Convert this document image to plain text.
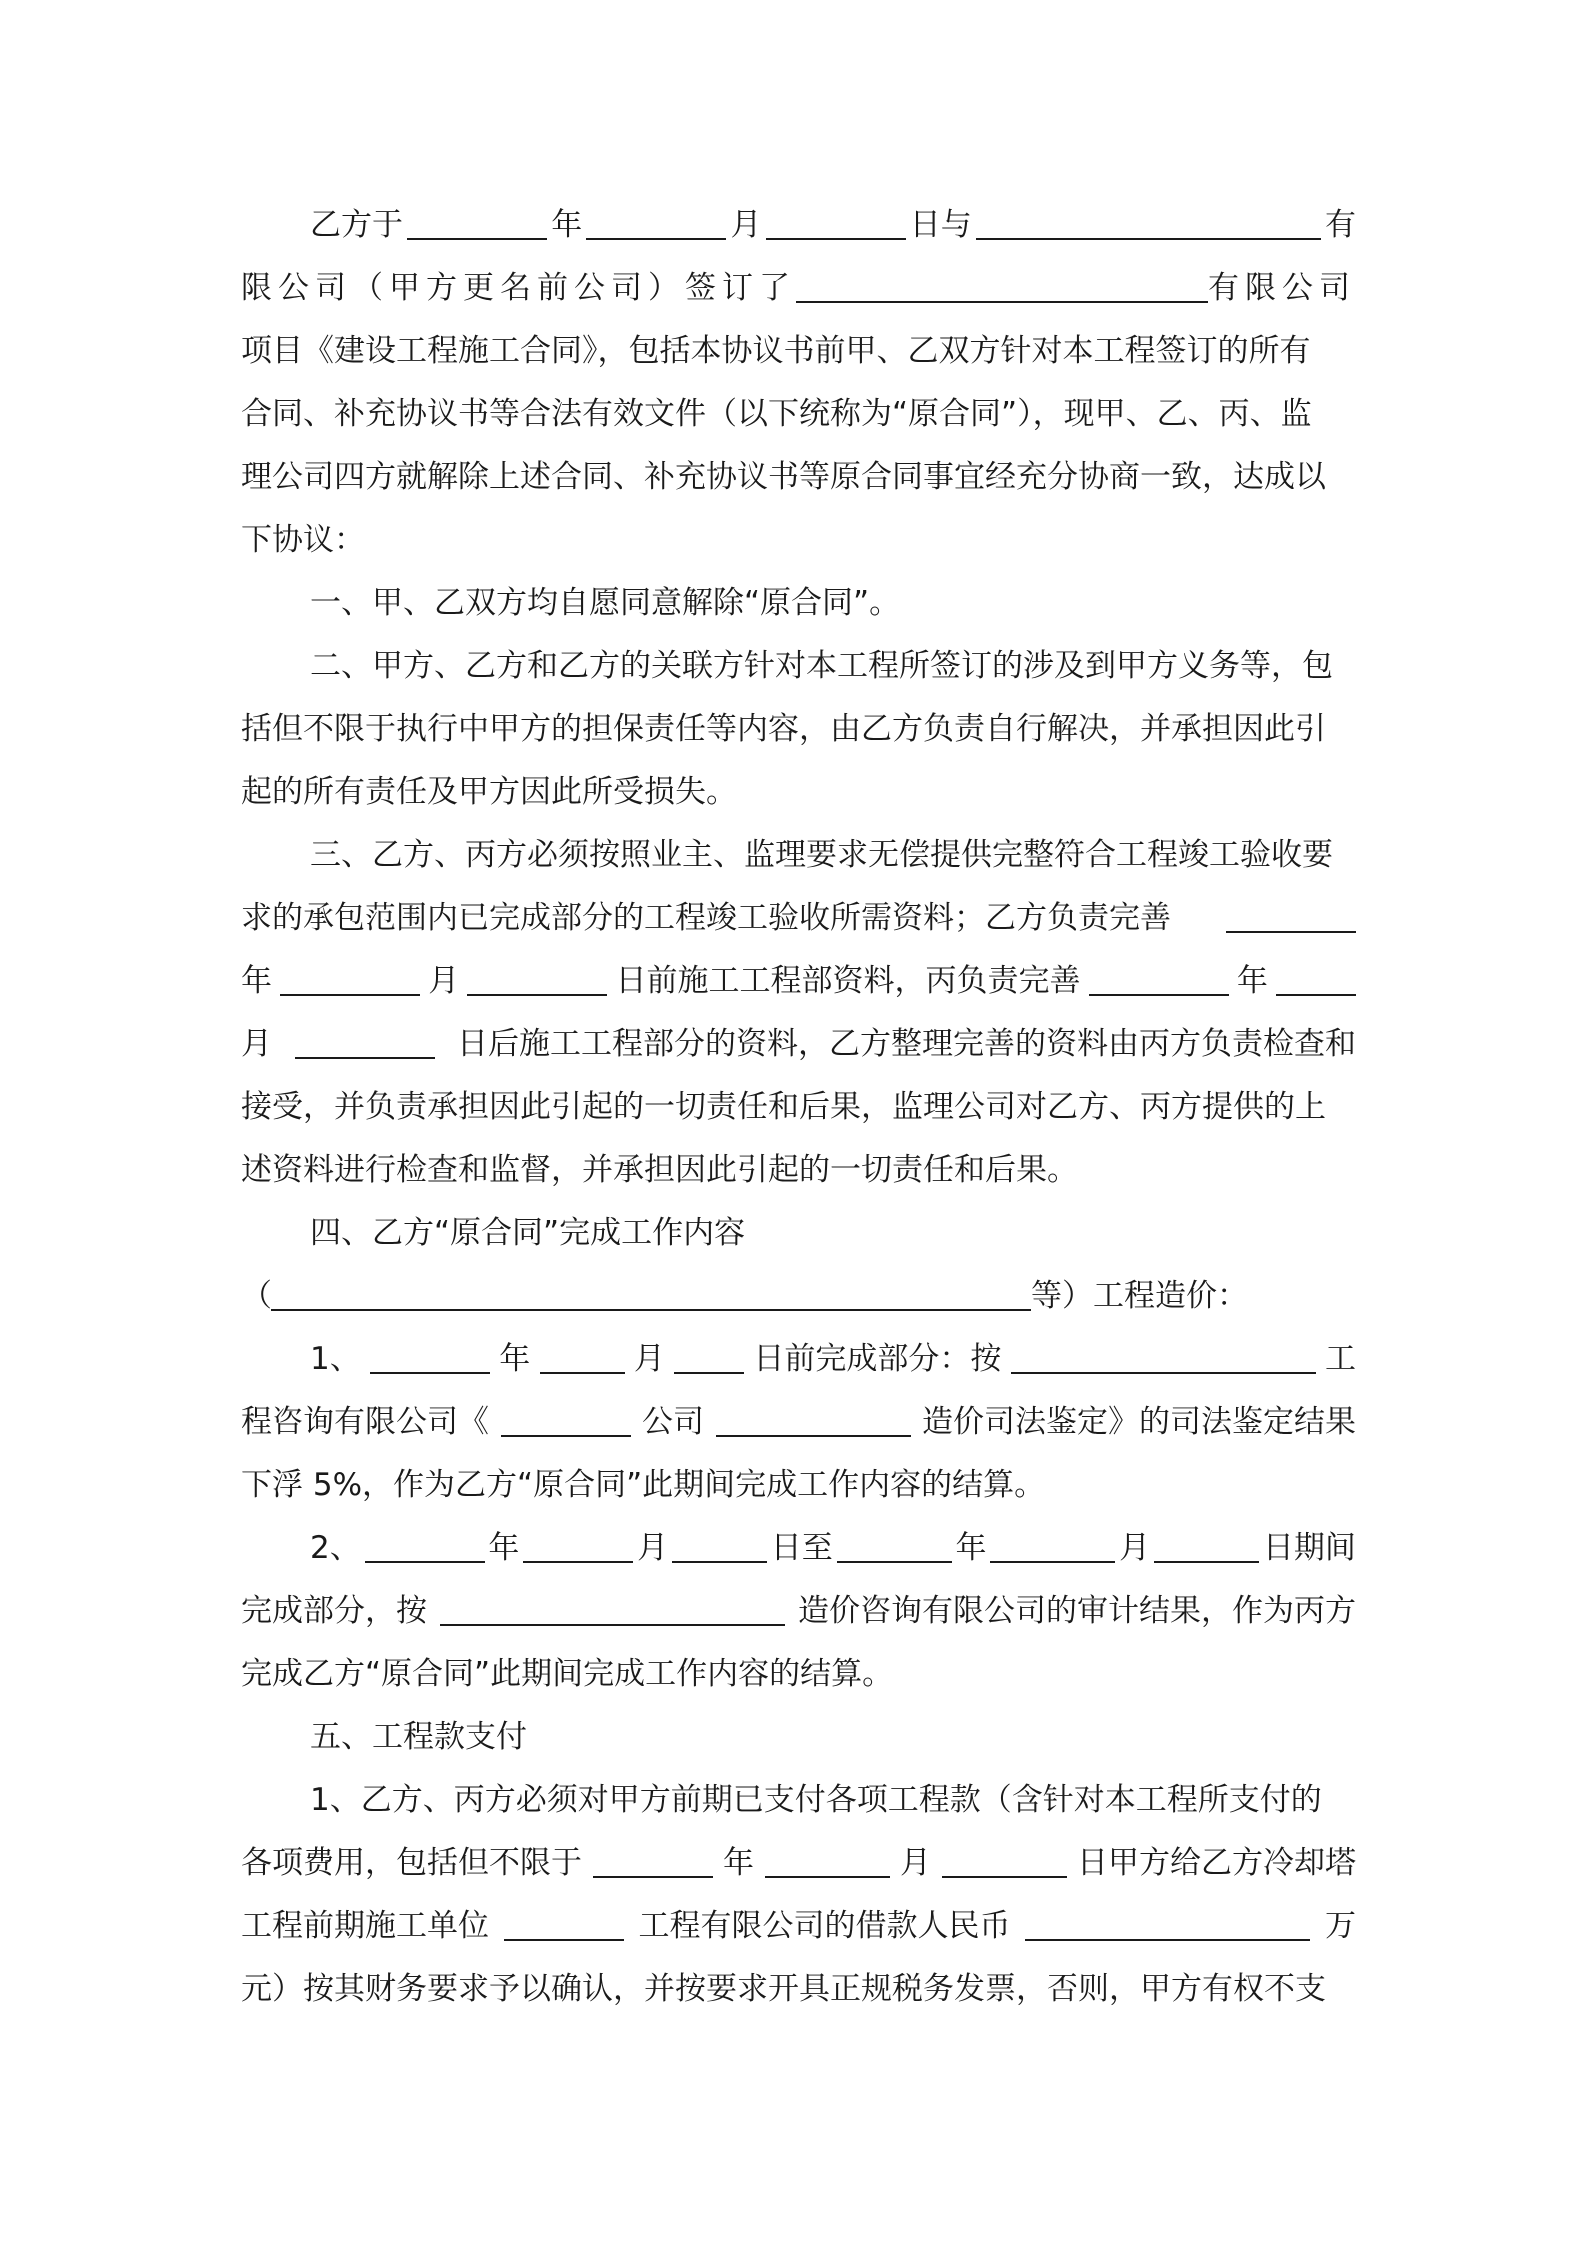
乙方于	年	月	日与	有
限公司（甲方更名前公司）签订了	有限公司
项目《建设工程施工合同》，包括本协议书前甲、乙双方针对本工程签订的所有
合同、补充协议书等合法有效文件（以下统称为“原合同”），现甲、乙、丙、监
理公司四方就解除上述合同、补充协议书等原合同事宜经充分协商一致，达成以
下协议：
一、甲、乙双方均自愿同意解除“原合同”。
二、甲方、乙方和乙方的关联方针对本工程所签订的涉及到甲方义务等，包
括但不限于执行中甲方的担保责任等内容，由乙方负责自行解决，并承担因此引
起的所有责任及甲方因此所受损失。
三、乙方、丙方必须按照业主、监理要求无偿提供完整符合工程竣工验收要
求的承包范围内已完成部分的工程竣工验收所需资料；乙方负责完善
年	月	日前施工工程部资料，丙负责完善	年
月	日后施工工程部分的资料，乙方整理完善的资料由丙方负责检查和
接受，并负责承担因此引起的一切责任和后果，监理公司对乙方、丙方提供的上
述资料进行检查和监督，并承担因此引起的一切责任和后果。
四、乙方“原合同”完成工作内容
（	等）工程造价：
1、	年	月	日前完成部分：按	工
程咨询有限公司《	公司	造价司法鉴定》的司法鉴定结果
下浮 5%，作为乙方“原合同”此期间完成工作内容的结算。
2、	年	月	日至	年	月	日期间
完成部分，按	造价咨询有限公司的审计结果，作为丙方
完成乙方“原合同”此期间完成工作内容的结算。
五、工程款支付
1、乙方、丙方必须对甲方前期已支付各项工程款（含针对本工程所支付的
各项费用，包括但不限于	年	月	日甲方给乙方冷却塔
工程前期施工单位	工程有限公司的借款人民币	万
元）按其财务要求予以确认，并按要求开具正规税务发票，否则，甲方有权不支
